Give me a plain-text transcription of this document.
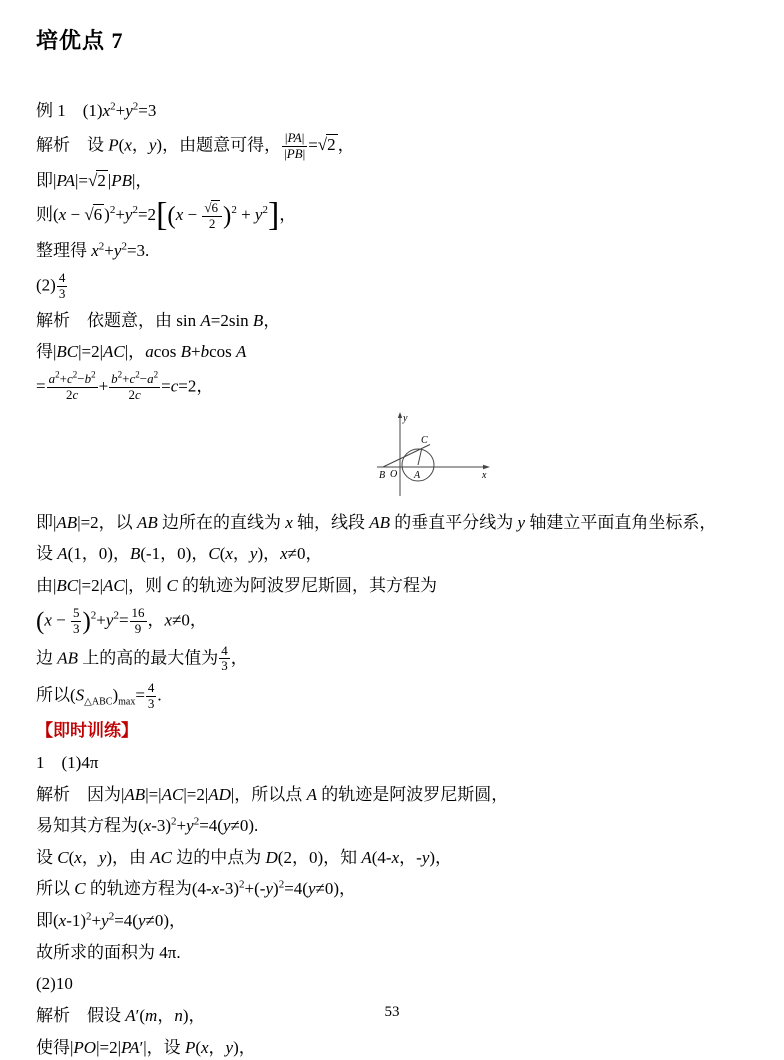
培优点 7
例 1　$(1)x^2+y^2=3$
解析　设 P(x，y)，由题意可得， $\frac{|PA|}{|PB|} =√2$ ，
即|PA|=√2 |PB|，
则(x − √6 )$^2+y^2=2[(x - \frac{√6}{2} )^2 + y^2]$，
整理得 $x^2+y^2=3$.
$(2) \frac{4}{3}$
解析　依题意，由 sin A=2sin B，
得|BC|=2|AC|，acos B+bcos A
= $\frac{a^2+c^2-b^2}{2c} + \frac{b^2+c^2-a^2}{2c} =c=2$，
y
x
B O A
C
即|AB|=2，以 AB 边所在的直线为 x 轴，线段 AB 的垂直平分线为 y 轴建立平面直角坐标系，
设 A(1，0)，B(-1，0)，C(x，y)，x≠0，
由|BC|=2|AC|，则 C 的轨迹为阿波罗尼斯圆，其方程为
$(x - \frac{5}{3} )^2+y^2= \frac{16}{9}$ ，x≠0，
边 AB 上的高的最大值为 $\frac{4}{3}$ ，
所以$(S_{\triangle ABC})_{max}= \frac{4}{3}$ .
【即时训练】
1　(1)4π
解析　因为|AB|=|AC|=2|AD|，所以点 A 的轨迹是阿波罗尼斯圆，
易知其方程为$(x-3)^2+y^2=4(y\ne 0)$.
设 C(x，y)，由 AC 边的中点为 D(2，0)，知 A(4-x，-y)，
所以 C 的轨迹方程为$(4-x-3)^2+(-y)^2=4(y\ne 0)$，
即$(x-1)^2+y^2=4(y\ne 0)$，
故所求的面积为 4π.
(2)10
解析　假设 A′(m，n)，
使得|PO|=2|PA′|，设 P(x，y)，
53
